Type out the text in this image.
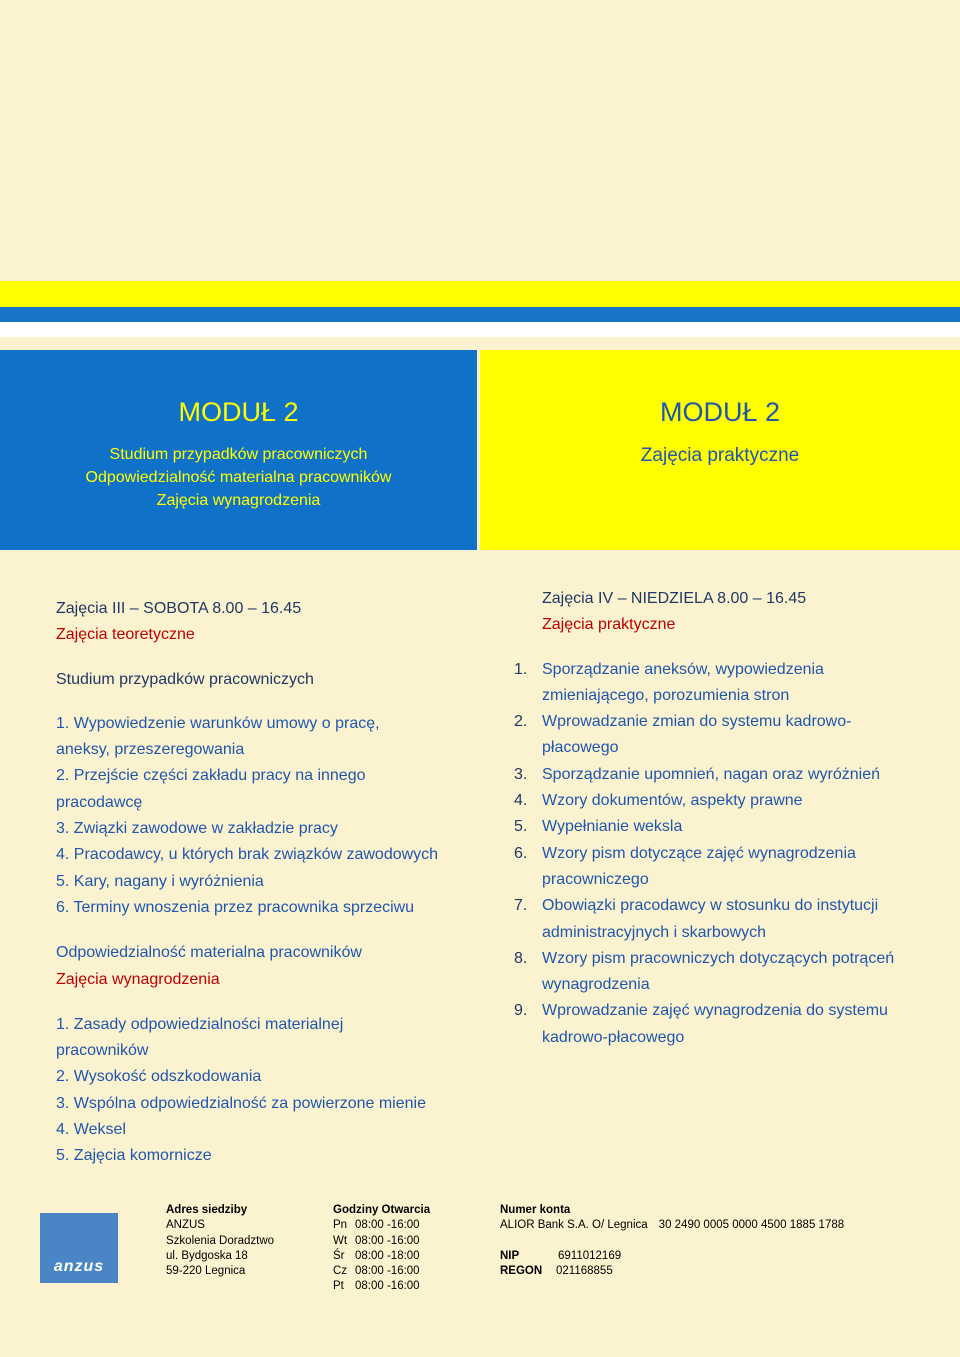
MODUŁ 2
Studium przypadków pracowniczych
Odpowiedzialność materialna pracowników
Zajęcia wynagrodzenia
MODUŁ 2
Zajęcia praktyczne
Zajęcia III – SOBOTA 8.00 – 16.45
Zajęcia teoretyczne
Studium przypadków pracowniczych
1. Wypowiedzenie warunków umowy o pracę,
aneksy, przeszeregowania
2. Przejście części zakładu pracy na innego
pracodawcę
3. Związki zawodowe w zakładzie pracy
4. Pracodawcy, u których brak związków zawodowych
5. Kary, nagany i wyróżnienia
6. Terminy wnoszenia przez pracownika sprzeciwu
Odpowiedzialność materialna pracowników
Zajęcia wynagrodzenia
1. Zasady odpowiedzialności materialnej
pracowników
2. Wysokość odszkodowania
3. Wspólna odpowiedzialność za powierzone mienie
4. Weksel
5. Zajęcia komornicze
Zajęcia IV – NIEDZIELA 8.00 – 16.45
Zajęcia praktyczne
1. Sporządzanie aneksów, wypowiedzenia
zmieniającego, porozumienia stron
2. Wprowadzanie zmian do systemu kadrowo-
płacowego
3. Sporządzanie upomnień, nagan oraz wyróżnień
4. Wzory dokumentów, aspekty prawne
5. Wypełnianie weksla
6. Wzory pism dotyczące zajęć wynagrodzenia
pracowniczego
7. Obowiązki pracodawcy w stosunku do instytucji
administracyjnych i skarbowych
8. Wzory pism pracowniczych dotyczących potrąceń
wynagrodzenia
9. Wprowadzanie zajęć wynagrodzenia do systemu
kadrowo-płacowego
anzus
Adres siedziby
ANZUS
Szkolenia Doradztwo
ul. Bydgoska 18
59-220 Legnica
Godziny Otwarcia
Pn 08:00 -16:00
Wt 08:00 -16:00
Śr 08:00 -18:00
Cz 08:00 -16:00
Pt 08:00 -16:00
Numer konta
ALIOR Bank S.A. O/ Legnica 30 2490 0005 0000 4500 1885 1788
NIP	6911012169
REGON 021168855
